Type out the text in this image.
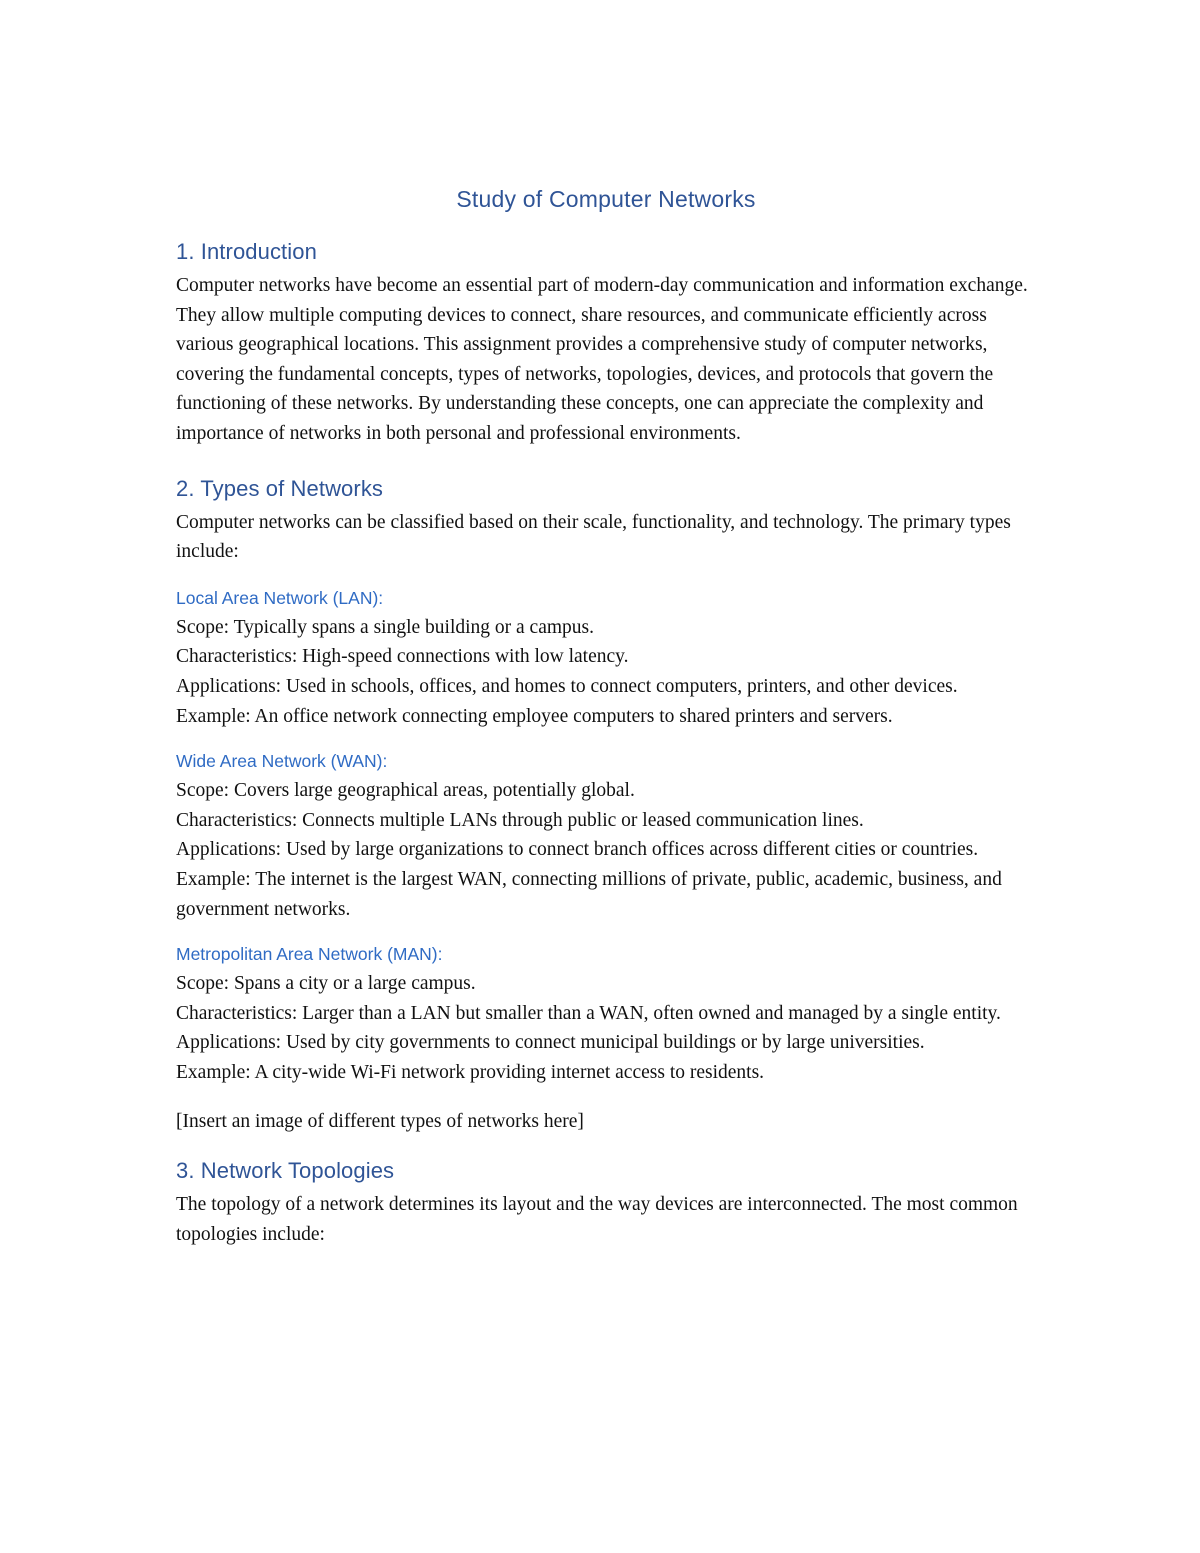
Study of Computer Networks
1. Introduction

Computer networks have become an essential part of modern-day communication and information exchange. They allow multiple computing devices to connect, share resources, and communicate efficiently across various geographical locations. This assignment provides a comprehensive study of computer networks, covering the fundamental concepts, types of networks, topologies, devices, and protocols that govern the functioning of these networks. By understanding these concepts, one can appreciate the complexity and importance of networks in both personal and professional environments.

2. Types of Networks

Computer networks can be classified based on their scale, functionality, and technology. The primary types include:

Local Area Network (LAN):

Scope: Typically spans a single building or a campus.
Characteristics: High-speed connections with low latency.
Applications: Used in schools, offices, and homes to connect computers, printers, and other devices.
Example: An office network connecting employee computers to shared printers and servers.

Wide Area Network (WAN):

Scope: Covers large geographical areas, potentially global.
Characteristics: Connects multiple LANs through public or leased communication lines.
Applications: Used by large organizations to connect branch offices across different cities or countries.
Example: The internet is the largest WAN, connecting millions of private, public, academic, business, and government networks.

Metropolitan Area Network (MAN):

Scope: Spans a city or a large campus.
Characteristics: Larger than a LAN but smaller than a WAN, often owned and managed by a single entity.
Applications: Used by city governments to connect municipal buildings or by large universities.
Example: A city-wide Wi-Fi network providing internet access to residents.

[Insert an image of different types of networks here]

3. Network Topologies

The topology of a network determines its layout and the way devices are interconnected. The most common topologies include:
